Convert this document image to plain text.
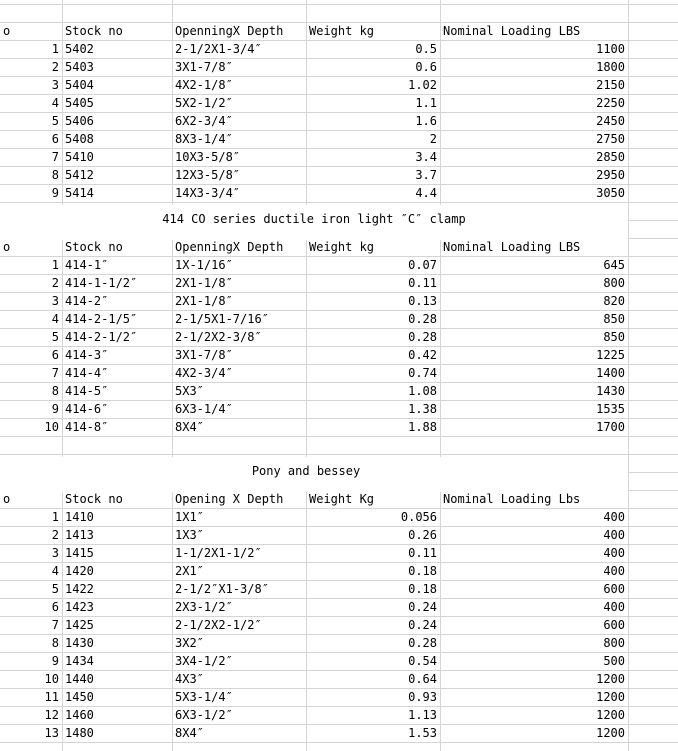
o	Stock no	OpenningX Depth	Weight kg	Nominal Loading LBS
1 5402	2-1/2X1-3/4″	0.5	1100
2 5403	3X1-7/8″	0.6	1800
3 5404	4X2-1/8″	1.02	2150
4 5405	5X2-1/2″	1.1	2250
5 5406	6X2-3/4″	1.6	2450
6 5408	8X3-1/4″	2	2750
7 5410	10X3-5/8″	3.4	2850
8 5412	12X3-5/8″	3.7	2950
9 5414	14X3-3/4″	4.4	3050
414 CO series ductile iron light ″C″ clamp
o	Stock no	OpenningX Depth	Weight kg	Nominal Loading LBS
1 414-1″	1X-1/16″	0.07	645
2 414-1-1/2″	2X1-1/8″	0.11	800
3 414-2″	2X1-1/8″	0.13	820
4 414-2-1/5″	2-1/5X1-7/16″	0.28	850
5 414-2-1/2″	2-1/2X2-3/8″	0.28	850
6 414-3″	3X1-7/8″	0.42	1225
7 414-4″	4X2-3/4″	0.74	1400
8 414-5″	5X3″	1.08	1430
9 414-6″	6X3-1/4″	1.38	1535
10 414-8″	8X4″	1.88	1700
Pony and bessey
o	Stock no	Opening X Depth	Weight Kg	Nominal Loading Lbs
1 1410	1X1″	0.056	400
2 1413	1X3″	0.26	400
3 1415	1-1/2X1-1/2″	0.11	400
4 1420	2X1″	0.18	400
5 1422	2-1/2″X1-3/8″	0.18	600
6 1423	2X3-1/2″	0.24	400
7 1425	2-1/2X2-1/2″	0.24	600
8 1430	3X2″	0.28	800
9 1434	3X4-1/2″	0.54	500
10 1440	4X3″	0.64	1200
11 1450	5X3-1/4″	0.93	1200
12 1460	6X3-1/2″	1.13	1200
13 1480	8X4″	1.53	1200
